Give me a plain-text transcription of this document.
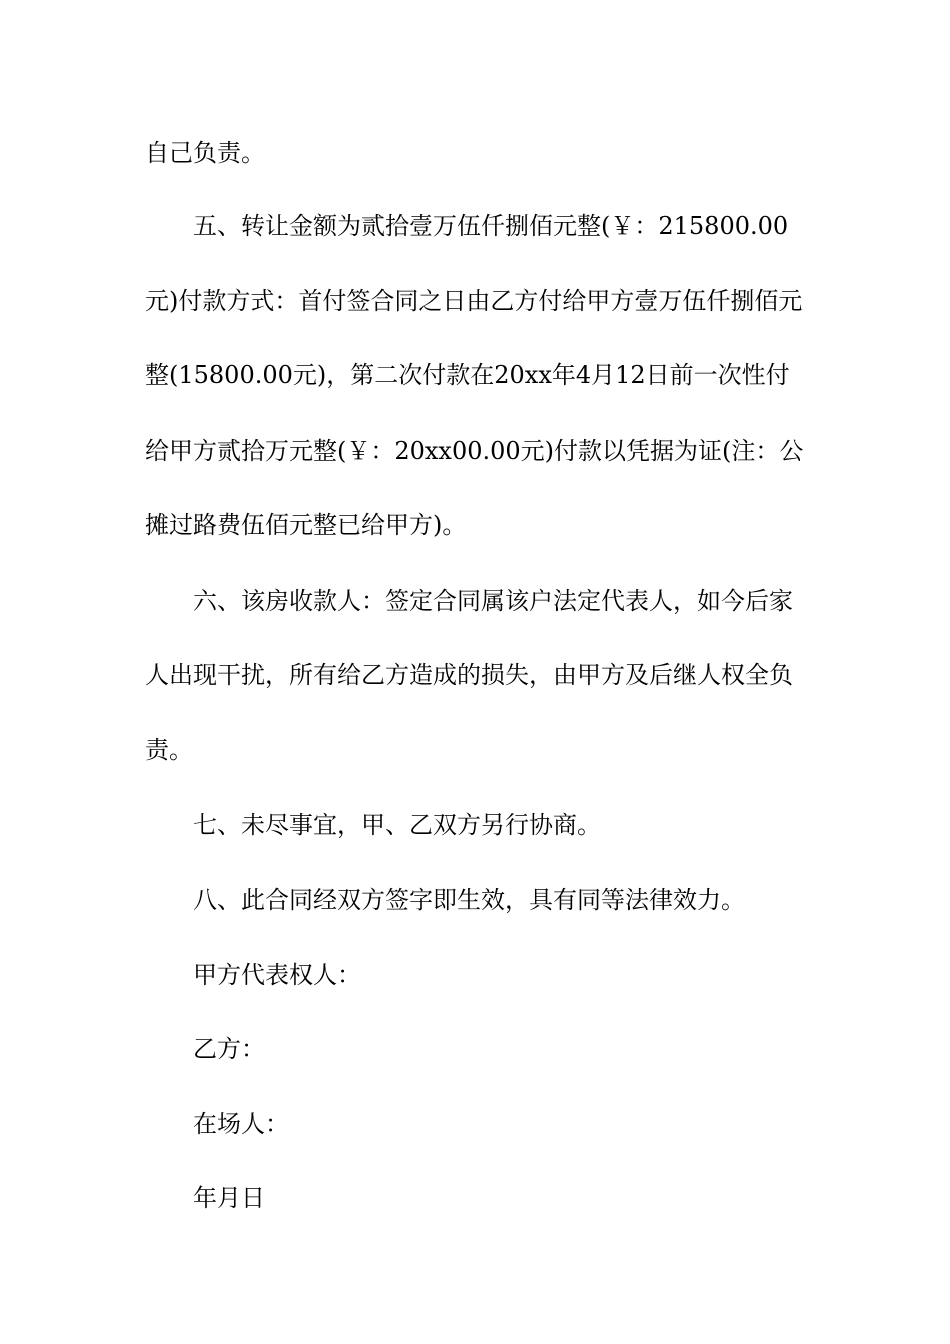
自己负责。
五、转让金额为贰拾壹万伍仟捌佰元整(￥：215800.00
元)付款方式：首付签合同之日由乙方付给甲方壹万伍仟捌佰元
整(15800.00元)，第二次付款在20xx年4月12日前一次性付
给甲方贰拾万元整(￥：20xx00.00元)付款以凭据为证(注：公
摊过路费伍佰元整已给甲方)。
六、该房收款人：签定合同属该户法定代表人，如今后家
人出现干扰，所有给乙方造成的损失，由甲方及后继人权全负
责。
七、未尽事宜，甲、乙双方另行协商。
八、此合同经双方签字即生效，具有同等法律效力。
甲方代表权人：
乙方：
在场人：
年月日
